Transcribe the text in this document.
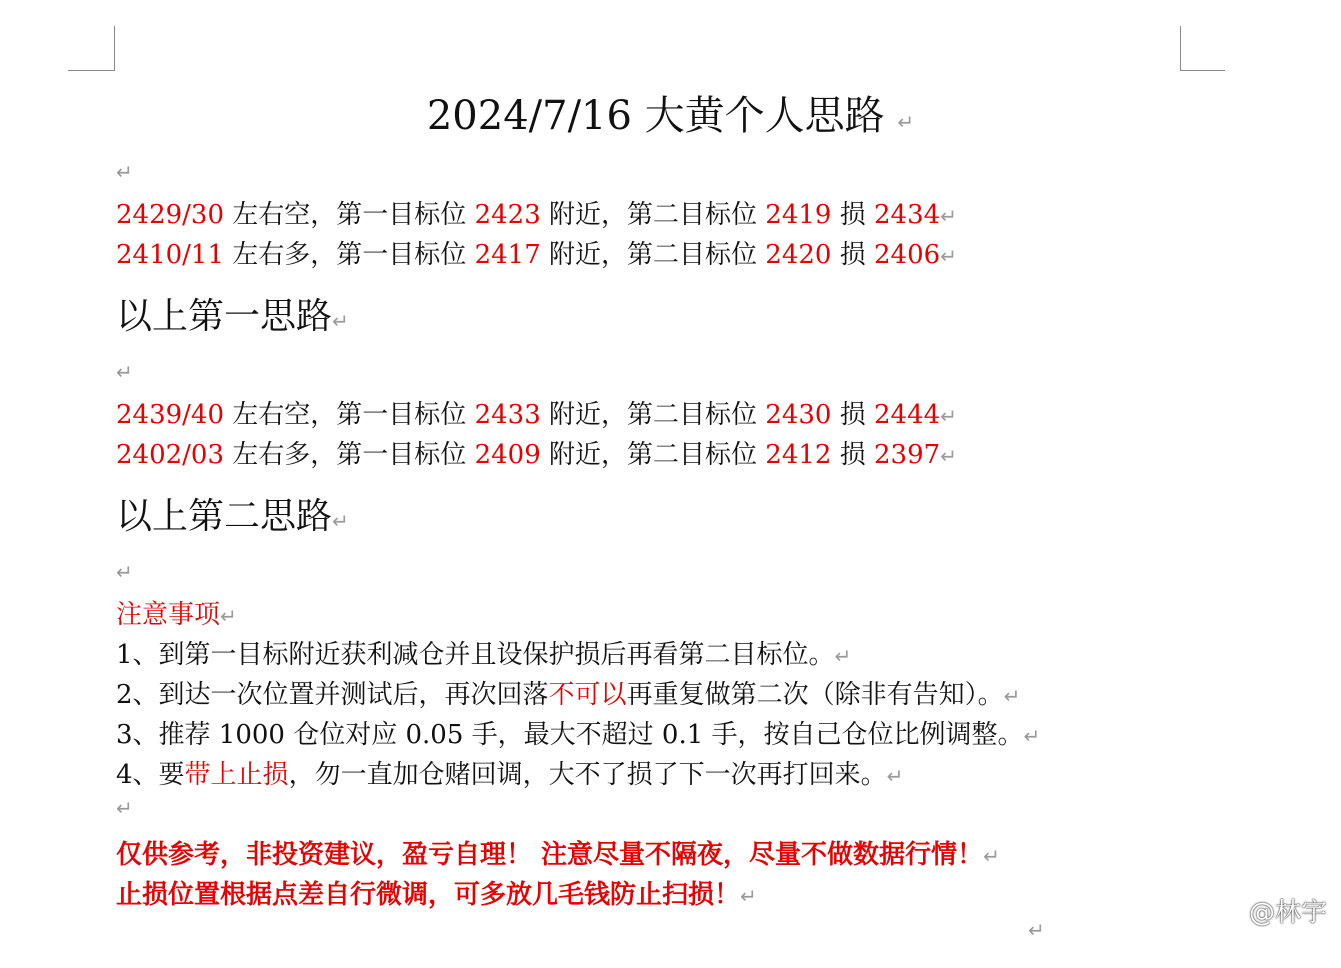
2024/7/16 大黄个人思路 ↵
↵
2429/30 左右空，第一目标位 2423 附近，第二目标位 2419 损 2434↵
2410/11 左右多，第一目标位 2417 附近，第二目标位 2420 损 2406↵
以上第一思路↵
↵
2439/40 左右空，第一目标位 2433 附近，第二目标位 2430 损 2444↵
2402/03 左右多，第一目标位 2409 附近，第二目标位 2412 损 2397↵
以上第二思路↵
↵
注意事项↵
1、到第一目标附近获利减仓并且设保护损后再看第二目标位。↵
2、到达一次位置并测试后，再次回落不可以再重复做第二次（除非有告知）。↵
3、推荐 1000 仓位对应 0.05 手，最大不超过 0.1 手，按自己仓位比例调整。↵
4、要带上止损，勿一直加仓赌回调，大不了损了下一次再打回来。↵
↵
仅供参考，非投资建议，盈亏自理！ 注意尽量不隔夜，尽量不做数据行情！↵
止损位置根据点差自行微调，可多放几毛钱防止扫损！↵
↵
@林宇
